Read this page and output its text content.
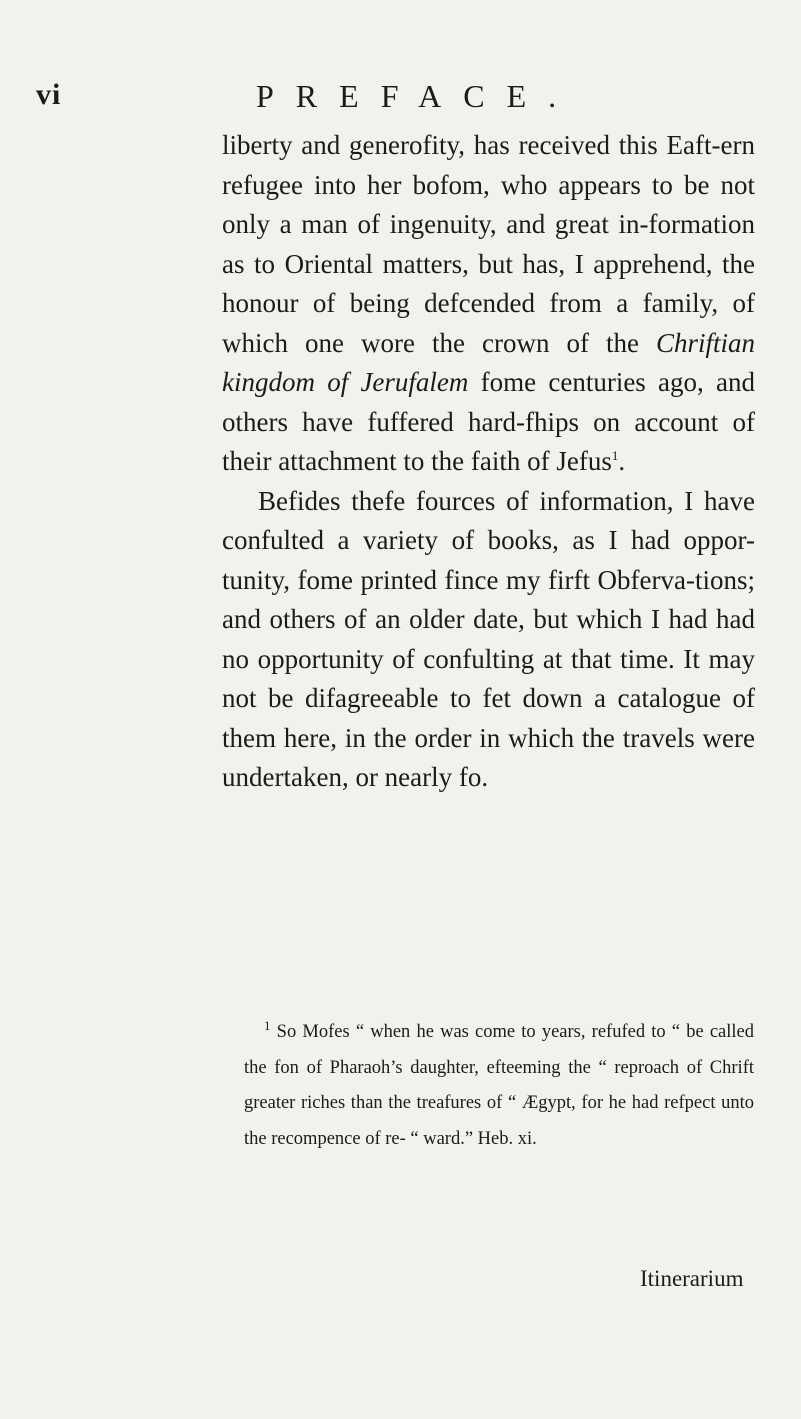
vi	PREFACE.

liberty and generofity, has received this Eaft-ern refugee into her bofom, who appears to be not only a man of ingenuity, and great in-formation as to Oriental matters, but has, I apprehend, the honour of being defcended from a family, of which one wore the crown of the Chriftian kingdom of Jerufalem fome centuries ago, and others have fuffered hard-fhips on account of their attachment to the faith of Jefus$^1$.

Befides thefe fources of information, I have confulted a variety of books, as I had oppor-tunity, fome printed fince my firft Obferva-tions; and others of an older date, but which I had had no opportunity of confulting at that time. It may not be difagreeable to fet down a catalogue of them here, in the order in which the travels were undertaken, or nearly fo.

$^1$ So Mofes “ when he was come to years, refufed to “ be called the fon of Pharaoh’s daughter, efteeming the “ reproach of Chrift greater riches than the treafures of “ Ægypt, for he had refpect unto the recompence of re- “ ward.” Heb. xi.

Itinerarium
